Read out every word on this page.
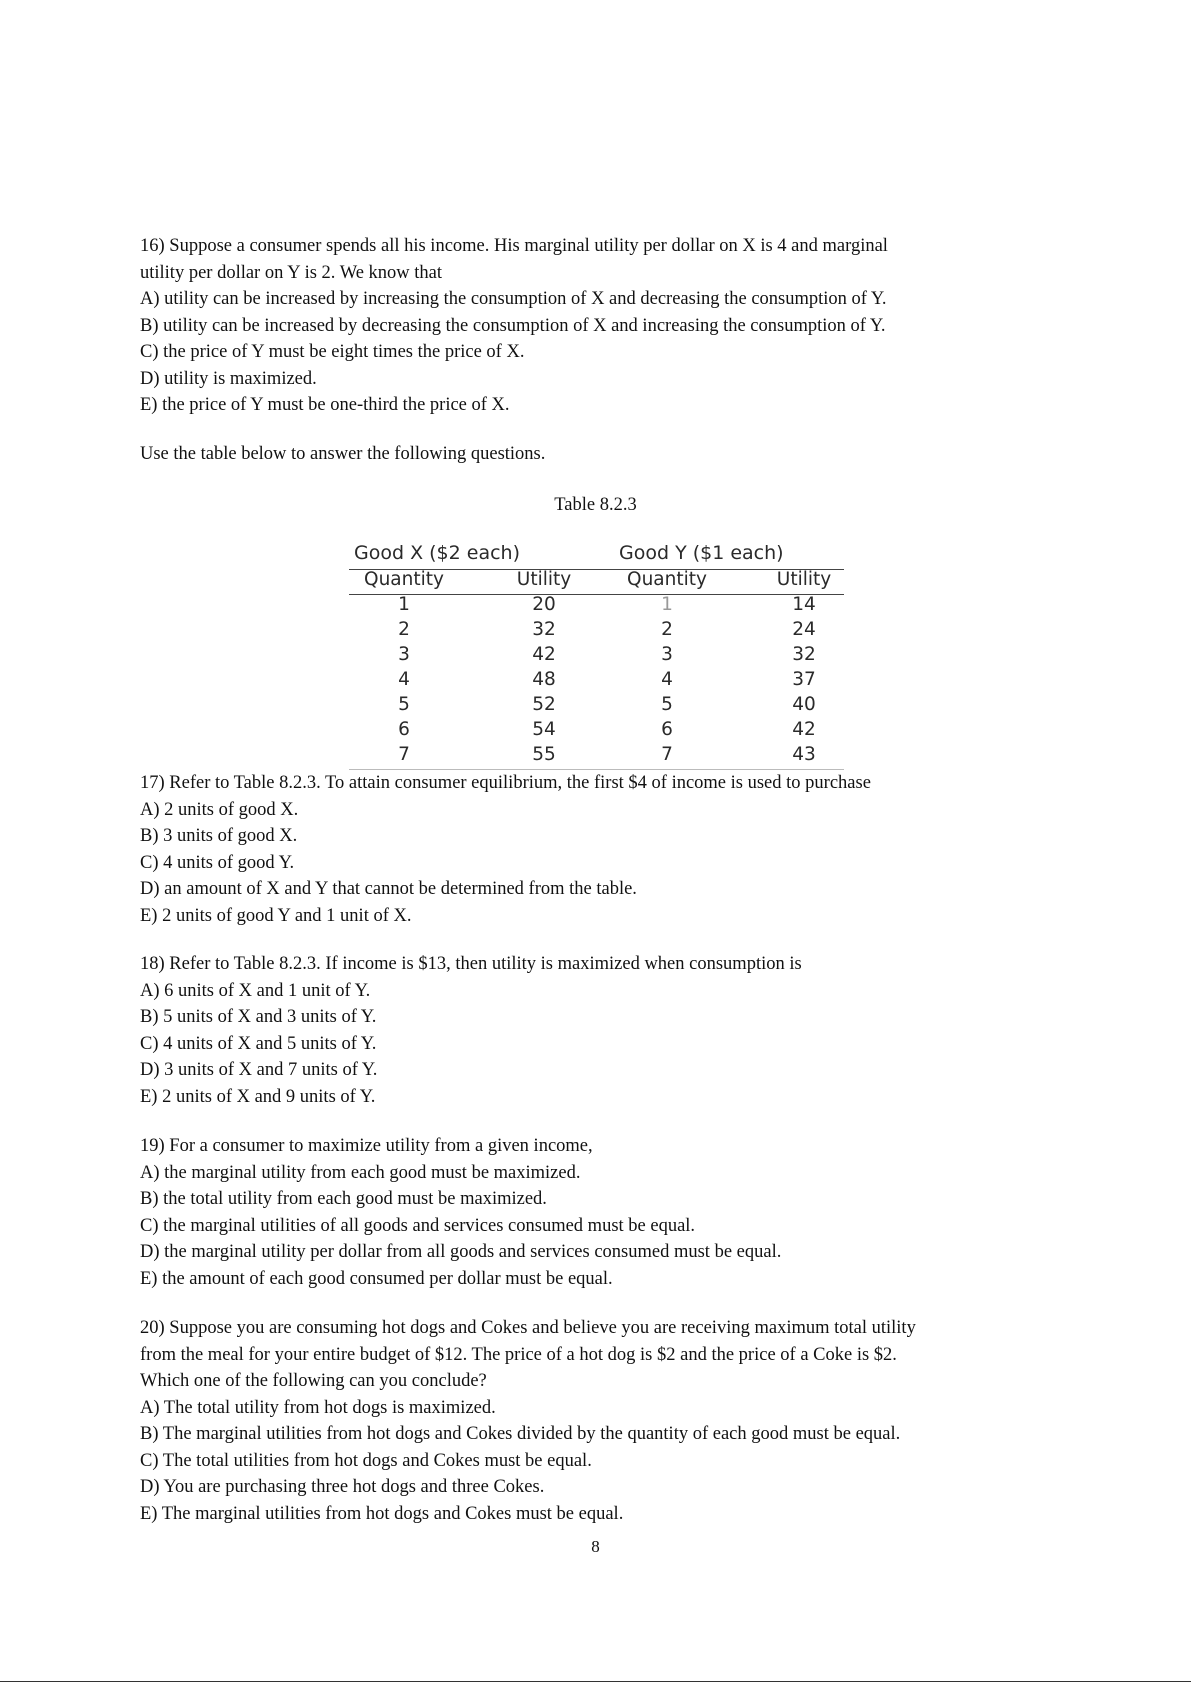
16) Suppose a consumer spends all his income. His marginal utility per dollar on X is 4 and marginal
utility per dollar on Y is 2. We know that
A) utility can be increased by increasing the consumption of X and decreasing the consumption of Y.
B) utility can be increased by decreasing the consumption of X and increasing the consumption of Y.
C) the price of Y must be eight times the price of X.
D) utility is maximized.
E) the price of Y must be one-third the price of X.
Use the table below to answer the following questions.
Table 8.2.3
Good X ($2 each)	Good Y ($1 each)
Quantity	Utility	Quantity	Utility
1	20	1	14
2	32	2	24
3	42	3	32
4	48	4	37
5	52	5	40
6	54	6	42
7	55	7	43
17) Refer to Table 8.2.3. To attain consumer equilibrium, the first $4 of income is used to purchase
A) 2 units of good X.
B) 3 units of good X.
C) 4 units of good Y.
D) an amount of X and Y that cannot be determined from the table.
E) 2 units of good Y and 1 unit of X.
18) Refer to Table 8.2.3. If income is $13, then utility is maximized when consumption is
A) 6 units of X and 1 unit of Y.
B) 5 units of X and 3 units of Y.
C) 4 units of X and 5 units of Y.
D) 3 units of X and 7 units of Y.
E) 2 units of X and 9 units of Y.
19) For a consumer to maximize utility from a given income,
A) the marginal utility from each good must be maximized.
B) the total utility from each good must be maximized.
C) the marginal utilities of all goods and services consumed must be equal.
D) the marginal utility per dollar from all goods and services consumed must be equal.
E) the amount of each good consumed per dollar must be equal.
20) Suppose you are consuming hot dogs and Cokes and believe you are receiving maximum total utility
from the meal for your entire budget of $12. The price of a hot dog is $2 and the price of a Coke is $2.
Which one of the following can you conclude?
A) The total utility from hot dogs is maximized.
B) The marginal utilities from hot dogs and Cokes divided by the quantity of each good must be equal.
C) The total utilities from hot dogs and Cokes must be equal.
D) You are purchasing three hot dogs and three Cokes.
E) The marginal utilities from hot dogs and Cokes must be equal.
8
